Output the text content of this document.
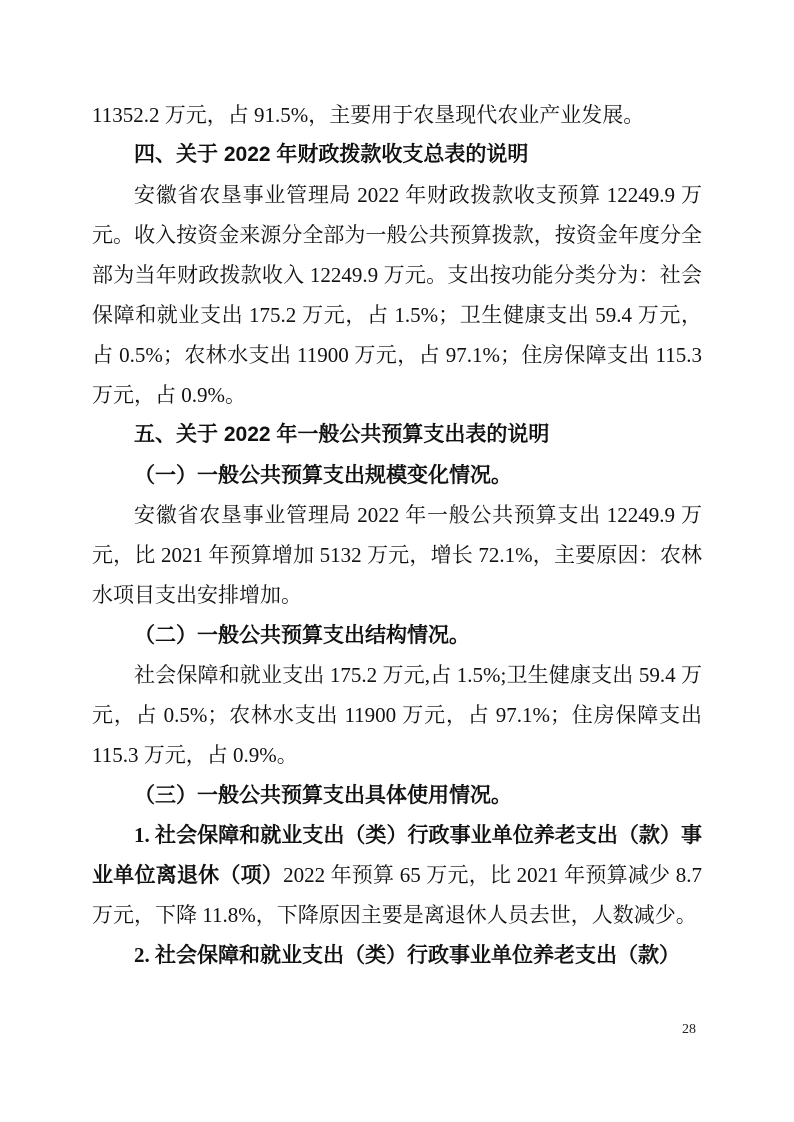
11352.2 万元，占 91.5%，主要用于农垦现代农业产业发展。

四、关于 2022 年财政拨款收支总表的说明

安徽省农垦事业管理局 2022 年财政拨款收支预算 12249.9 万元。收入按资金来源分全部为一般公共预算拨款，按资金年度分全部为当年财政拨款收入 12249.9 万元。支出按功能分类分为：社会保障和就业支出 175.2 万元，占 1.5%；卫生健康支出 59.4 万元，占 0.5%；农林水支出 11900 万元，占 97.1%；住房保障支出 115.3 万元，占 0.9%。

五、关于 2022 年一般公共预算支出表的说明

（一）一般公共预算支出规模变化情况。

安徽省农垦事业管理局 2022 年一般公共预算支出 12249.9 万元，比 2021 年预算增加 5132 万元，增长 72.1%，主要原因：农林水项目支出安排增加。

（二）一般公共预算支出结构情况。

社会保障和就业支出 175.2 万元,占 1.5%;卫生健康支出 59.4 万元，占 0.5%；农林水支出 11900 万元，占 97.1%；住房保障支出 115.3 万元，占 0.9%。

（三）一般公共预算支出具体使用情况。

1. 社会保障和就业支出（类）行政事业单位养老支出（款）事业单位离退休（项）2022 年预算 65 万元，比 2021 年预算减少 8.7 万元，下降 11.8%，下降原因主要是离退休人员去世，人数减少。

2. 社会保障和就业支出（类）行政事业单位养老支出（款）

28
